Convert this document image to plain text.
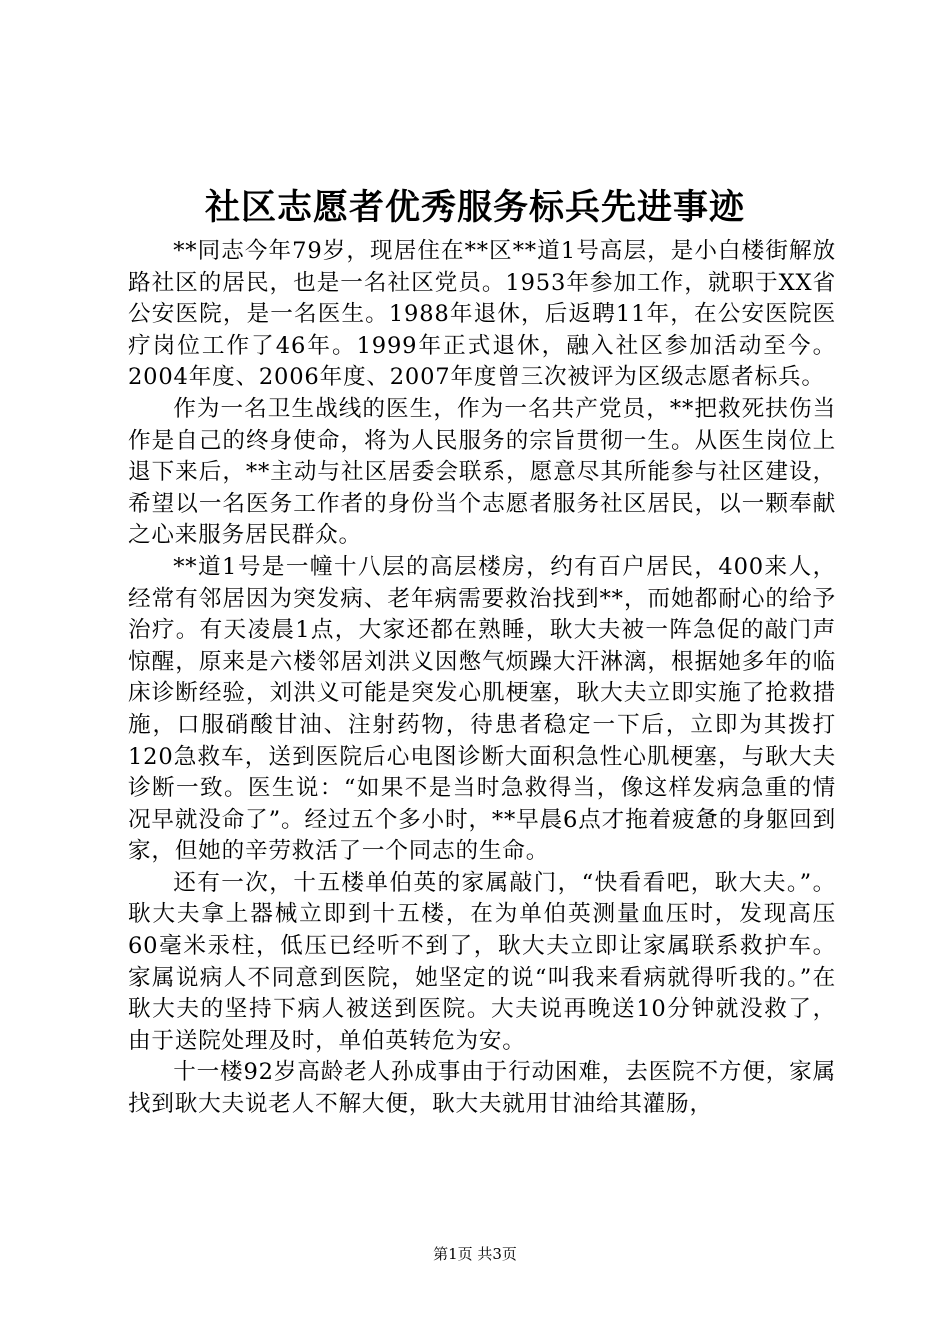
社区志愿者优秀服务标兵先进事迹

**同志今年79岁，现居住在**区**道1号高层，是小白楼街解放路社区的居民，也是一名社区党员。1953年参加工作，就职于XX省公安医院，是一名医生。1988年退休，后返聘11年，在公安医院医疗岗位工作了46年。1999年正式退休，融入社区参加活动至今。2004年度、2006年度、2007年度曾三次被评为区级志愿者标兵。

作为一名卫生战线的医生，作为一名共产党员，**把救死扶伤当作是自己的终身使命，将为人民服务的宗旨贯彻一生。从医生岗位上退下来后，**主动与社区居委会联系，愿意尽其所能参与社区建设，希望以一名医务工作者的身份当个志愿者服务社区居民，以一颗奉献之心来服务居民群众。

**道1号是一幢十八层的高层楼房，约有百户居民，400来人，经常有邻居因为突发病、老年病需要救治找到**，而她都耐心的给予治疗。有天凌晨1点，大家还都在熟睡，耿大夫被一阵急促的敲门声惊醒，原来是六楼邻居刘洪义因憋气烦躁大汗淋漓，根据她多年的临床诊断经验，刘洪义可能是突发心肌梗塞，耿大夫立即实施了抢救措施，口服硝酸甘油、注射药物，待患者稳定一下后，立即为其拨打120急救车，送到医院后心电图诊断大面积急性心肌梗塞，与耿大夫诊断一致。医生说：“如果不是当时急救得当，像这样发病急重的情况早就没命了”。经过五个多小时，**早晨6点才拖着疲惫的身躯回到家，但她的辛劳救活了一个同志的生命。

还有一次，十五楼单伯英的家属敲门，“快看看吧，耿大夫。”。耿大夫拿上器械立即到十五楼，在为单伯英测量血压时，发现高压60毫米汞柱，低压已经听不到了，耿大夫立即让家属联系救护车。家属说病人不同意到医院，她坚定的说“叫我来看病就得听我的。”在耿大夫的坚持下病人被送到医院。大夫说再晚送10分钟就没救了，由于送院处理及时，单伯英转危为安。

十一楼92岁高龄老人孙成事由于行动困难，去医院不方便，家属找到耿大夫说老人不解大便，耿大夫就用甘油给其灌肠，

第1页 共3页
